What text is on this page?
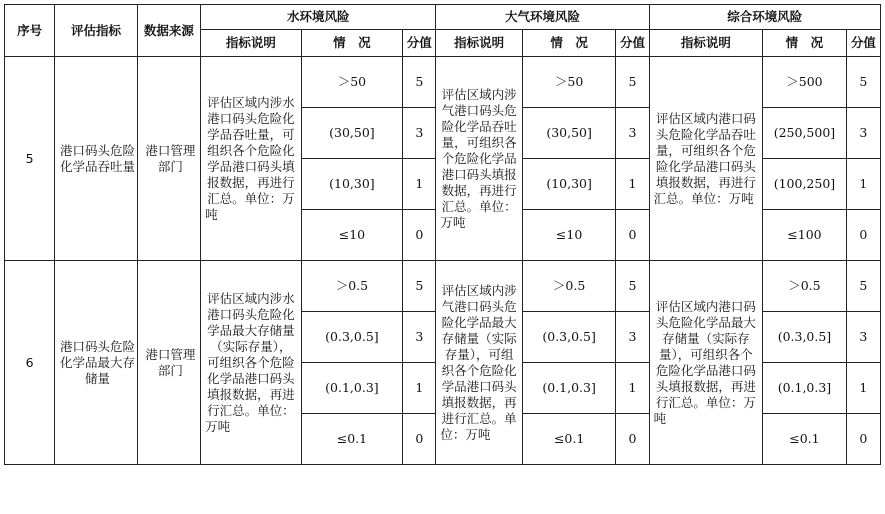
序号	评估指标	数据来源	水环境风险			大气环境风险			综合环境风险		
			指标说明	情　况	分值	指标说明	情　况	分值	指标说明	情　况	分值
5	港口码头危险化学品吞吐量	港口管理部门	评估区域内涉水港口码头危险化学品吞吐量，可组织各个危险化学品港口码头填报数据，再进行汇总。单位：万吨	＞50	5	评估区域内涉气港口码头危险化学品吞吐量，可组织各个危险化学品港口码头填报数据，再进行汇总。单位：万吨	＞50	5	评估区域内港口码头危险化学品吞吐量，可组织各个危险化学品港口码头填报数据，再进行汇总。单位：万吨	＞500	5
				(30,50]	3		(30,50]	3		(250,500]	3
				(10,30]	1		(10,30]	1		(100,250]	1
				≤10	0		≤10	0		≤100	0
6	港口码头危险化学品最大存储量	港口管理部门	评估区域内涉水港口码头危险化学品最大存储量（实际存量），可组织各个危险化学品港口码头填报数据，再进行汇总。单位：万吨	＞0.5	5	评估区域内涉气港口码头危险化学品最大存储量（实际存量），可组织各个危险化学品港口码头填报数据，再进行汇总。单位：万吨	＞0.5	5	评估区域内港口码头危险化学品最大存储量（实际存量），可组织各个危险化学品港口码头填报数据，再进行汇总。单位：万吨	＞0.5	5
				(0.3,0.5]	3		(0.3,0.5]	3		(0.3,0.5]	3
				(0.1,0.3]	1		(0.1,0.3]	1		(0.1,0.3]	1
				≤0.1	0		≤0.1	0		≤0.1	0
